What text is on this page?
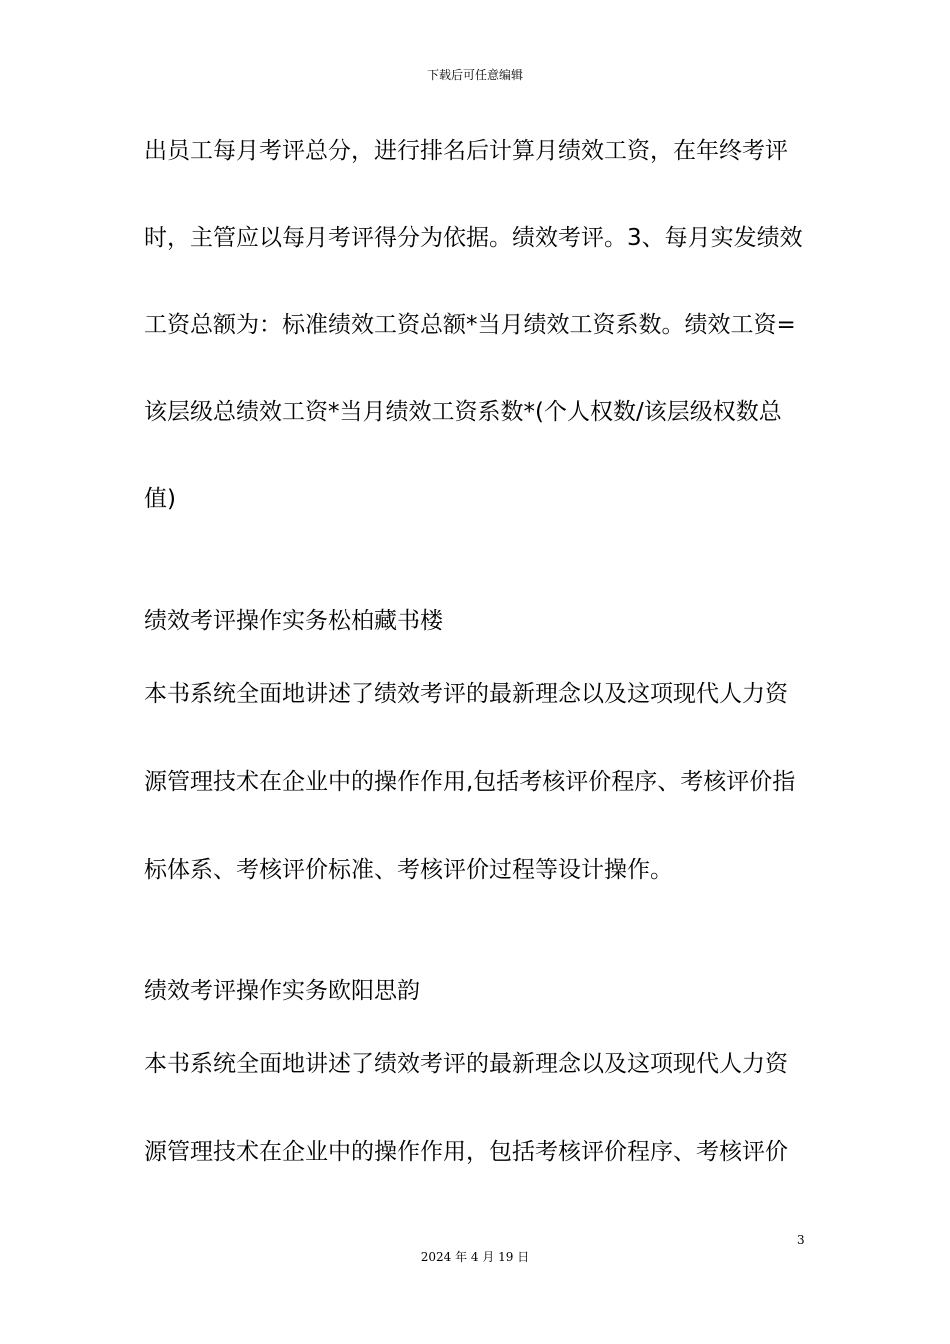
下载后可任意编辑
出员工每月考评总分，进行排名后计算月绩效工资，在年终考评
时，主管应以每月考评得分为依据。绩效考评。3、每月实发绩效
工资总额为：标准绩效工资总额*当月绩效工资系数。绩效工资=
该层级总绩效工资*当月绩效工资系数*(个人权数/该层级权数总
值)
绩效考评操作实务松柏藏书楼
本书系统全面地讲述了绩效考评的最新理念以及这项现代人力资
源管理技术在企业中的操作作用,包括考核评价程序、考核评价指
标体系、考核评价标准、考核评价过程等设计操作。
绩效考评操作实务欧阳思韵
本书系统全面地讲述了绩效考评的最新理念以及这项现代人力资
源管理技术在企业中的操作作用，包括考核评价程序、考核评价
3
2024 年 4 月 19 日
